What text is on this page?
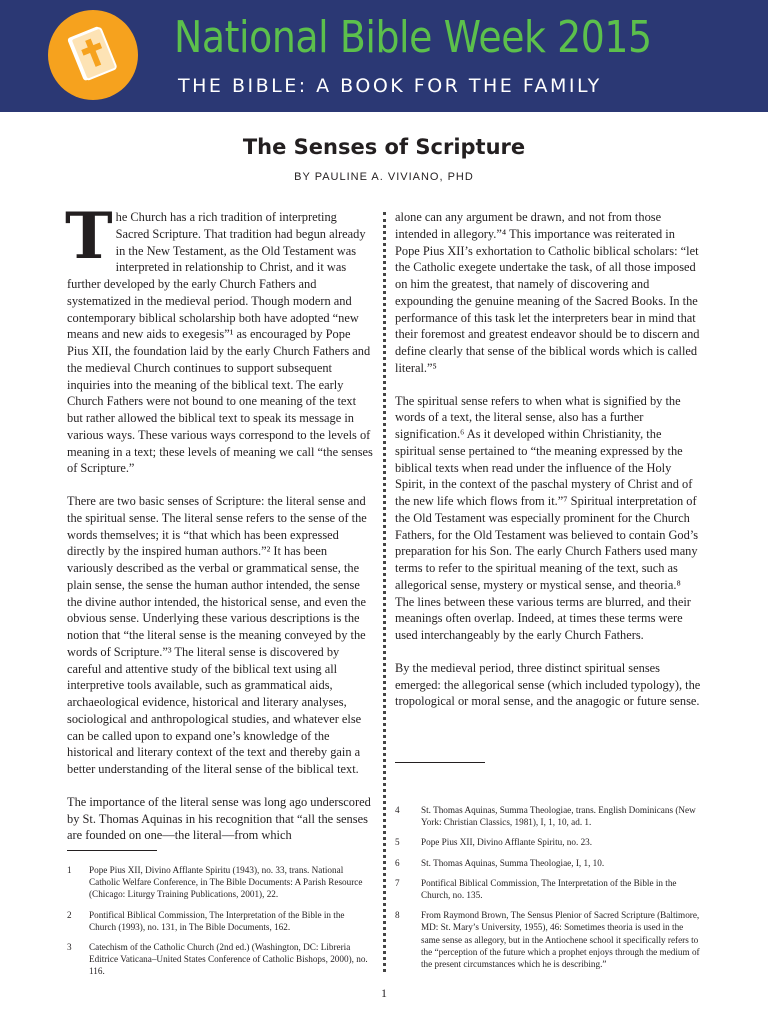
National Bible Week 2015
THE BIBLE: A BOOK FOR THE FAMILY
The Senses of Scripture
BY PAULINE A. VIVIANO, PHD

The Church has a rich tradition of interpreting Sacred Scripture. That tradition had begun already in the New Testament, as the Old Testament was interpreted in relationship to Christ, and it was further developed by the early Church Fathers and systematized in the medieval period. Though modern and contemporary biblical scholarship both have adopted “new means and new aids to exegesis”¹ as encouraged by Pope Pius XII, the foundation laid by the early Church Fathers and the medieval Church continues to support subsequent inquiries into the meaning of the biblical text. The early Church Fathers were not bound to one meaning of the text but rather allowed the biblical text to speak its message in various ways. These various ways correspond to the levels of meaning in a text; these levels of meaning we call “the senses of Scripture.”

There are two basic senses of Scripture: the literal sense and the spiritual sense. The literal sense refers to the sense of the words themselves; it is “that which has been expressed directly by the inspired human authors.”² It has been variously described as the verbal or grammatical sense, the plain sense, the sense the human author intended, the sense the divine author intended, the historical sense, and even the obvious sense. Underlying these various descriptions is the notion that “the literal sense is the meaning conveyed by the words of Scripture.”³ The literal sense is discovered by careful and attentive study of the biblical text using all interpretive tools available, such as grammatical aids, archaeological evidence, historical and literary analyses, sociological and anthropological studies, and whatever else can be called upon to expand one’s knowledge of the historical and literary context of the text and thereby gain a better understanding of the literal sense of the biblical text.

The importance of the literal sense was long ago underscored by St. Thomas Aquinas in his recognition that “all the senses are founded on one—the literal—from which

alone can any argument be drawn, and not from those intended in allegory.”⁴ This importance was reiterated in Pope Pius XII’s exhortation to Catholic biblical scholars: “let the Catholic exegete undertake the task, of all those imposed on him the greatest, that namely of discovering and expounding the genuine meaning of the Sacred Books. In the performance of this task let the interpreters bear in mind that their foremost and greatest endeavor should be to discern and define clearly that sense of the biblical words which is called literal.”⁵

The spiritual sense refers to when what is signified by the words of a text, the literal sense, also has a further signification.⁶ As it developed within Christianity, the spiritual sense pertained to “the meaning expressed by the biblical texts when read under the influence of the Holy Spirit, in the context of the paschal mystery of Christ and of the new life which flows from it.”⁷ Spiritual interpretation of the Old Testament was especially prominent for the Church Fathers, for the Old Testament was believed to contain God’s preparation for his Son. The early Church Fathers used many terms to refer to the spiritual meaning of the text, such as allegorical sense, mystery or mystical sense, and theoria.⁸ The lines between these various terms are blurred, and their meanings often overlap. Indeed, at times these terms were used interchangeably by the early Church Fathers.

By the medieval period, three distinct spiritual senses emerged: the allegorical sense (which included typology), the tropological or moral sense, and the anagogic or future sense.

1	Pope Pius XII, Divino Afflante Spiritu (1943), no. 33, trans. National Catholic Welfare Conference, in The Bible Documents: A Parish Resource (Chicago: Liturgy Training Publications, 2001), 22.
2	Pontifical Biblical Commission, The Interpretation of the Bible in the Church (1993), no. 131, in The Bible Documents, 162.
3	Catechism of the Catholic Church (2nd ed.) (Washington, DC: Libreria Editrice Vaticana–United States Conference of Catholic Bishops, 2000), no. 116.
4	St. Thomas Aquinas, Summa Theologiae, trans. English Dominicans (New York: Christian Classics, 1981), I, 1, 10, ad. 1.
5	Pope Pius XII, Divino Afflante Spiritu, no. 23.
6	St. Thomas Aquinas, Summa Theologiae, I, 1, 10.
7	Pontifical Biblical Commission, The Interpretation of the Bible in the Church, no. 135.
8	From Raymond Brown, The Sensus Plenior of Sacred Scripture (Baltimore, MD: St. Mary’s University, 1955), 46: Sometimes theoria is used in the same sense as allegory, but in the Antiochene school it specifically refers to the “perception of the future which a prophet enjoys through the medium of the present circumstances which he is describing.”
1
